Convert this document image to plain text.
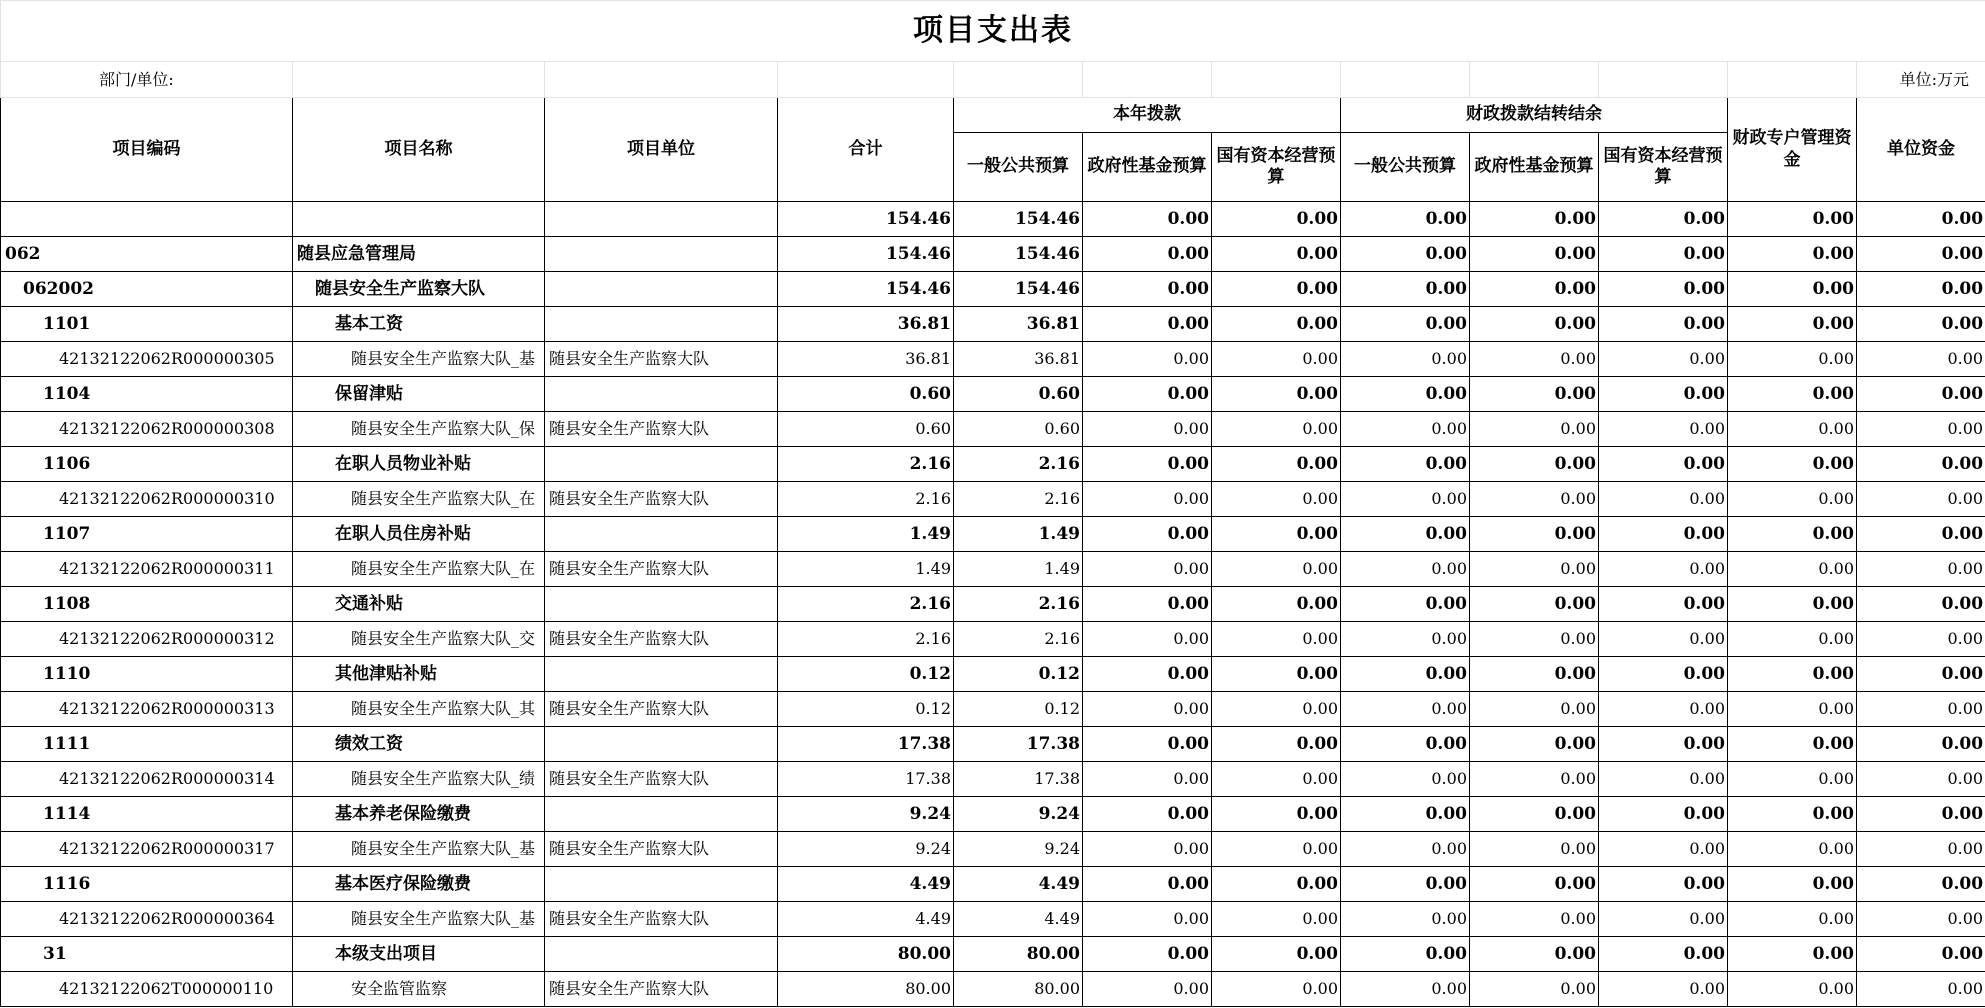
项目支出表											
部门/单位:											单位:万元
项目编码	项目名称	项目单位	合计	本年拨款			财政拨款结转结余			财政专户管理资金	单位资金
				一般公共预算	政府性基金预算	国有资本经营预算	一般公共预算	政府性基金预算	国有资本经营预算		
			154.46	154.46	0.00	0.00	0.00	0.00	0.00	0.00	0.00
062	随县应急管理局		154.46	154.46	0.00	0.00	0.00	0.00	0.00	0.00	0.00
062002	随县安全生产监察大队		154.46	154.46	0.00	0.00	0.00	0.00	0.00	0.00	0.00
1101	基本工资		36.81	36.81	0.00	0.00	0.00	0.00	0.00	0.00	0.00
42132122062R000000305	随县安全生产监察大队_基	随县安全生产监察大队	36.81	36.81	0.00	0.00	0.00	0.00	0.00	0.00	0.00
1104	保留津贴		0.60	0.60	0.00	0.00	0.00	0.00	0.00	0.00	0.00
42132122062R000000308	随县安全生产监察大队_保	随县安全生产监察大队	0.60	0.60	0.00	0.00	0.00	0.00	0.00	0.00	0.00
1106	在职人员物业补贴		2.16	2.16	0.00	0.00	0.00	0.00	0.00	0.00	0.00
42132122062R000000310	随县安全生产监察大队_在	随县安全生产监察大队	2.16	2.16	0.00	0.00	0.00	0.00	0.00	0.00	0.00
1107	在职人员住房补贴		1.49	1.49	0.00	0.00	0.00	0.00	0.00	0.00	0.00
42132122062R000000311	随县安全生产监察大队_在	随县安全生产监察大队	1.49	1.49	0.00	0.00	0.00	0.00	0.00	0.00	0.00
1108	交通补贴		2.16	2.16	0.00	0.00	0.00	0.00	0.00	0.00	0.00
42132122062R000000312	随县安全生产监察大队_交	随县安全生产监察大队	2.16	2.16	0.00	0.00	0.00	0.00	0.00	0.00	0.00
1110	其他津贴补贴		0.12	0.12	0.00	0.00	0.00	0.00	0.00	0.00	0.00
42132122062R000000313	随县安全生产监察大队_其	随县安全生产监察大队	0.12	0.12	0.00	0.00	0.00	0.00	0.00	0.00	0.00
1111	绩效工资		17.38	17.38	0.00	0.00	0.00	0.00	0.00	0.00	0.00
42132122062R000000314	随县安全生产监察大队_绩	随县安全生产监察大队	17.38	17.38	0.00	0.00	0.00	0.00	0.00	0.00	0.00
1114	基本养老保险缴费		9.24	9.24	0.00	0.00	0.00	0.00	0.00	0.00	0.00
42132122062R000000317	随县安全生产监察大队_基	随县安全生产监察大队	9.24	9.24	0.00	0.00	0.00	0.00	0.00	0.00	0.00
1116	基本医疗保险缴费		4.49	4.49	0.00	0.00	0.00	0.00	0.00	0.00	0.00
42132122062R000000364	随县安全生产监察大队_基	随县安全生产监察大队	4.49	4.49	0.00	0.00	0.00	0.00	0.00	0.00	0.00
31	本级支出项目		80.00	80.00	0.00	0.00	0.00	0.00	0.00	0.00	0.00
42132122062T000000110	安全监管监察	随县安全生产监察大队	80.00	80.00	0.00	0.00	0.00	0.00	0.00	0.00	0.00
